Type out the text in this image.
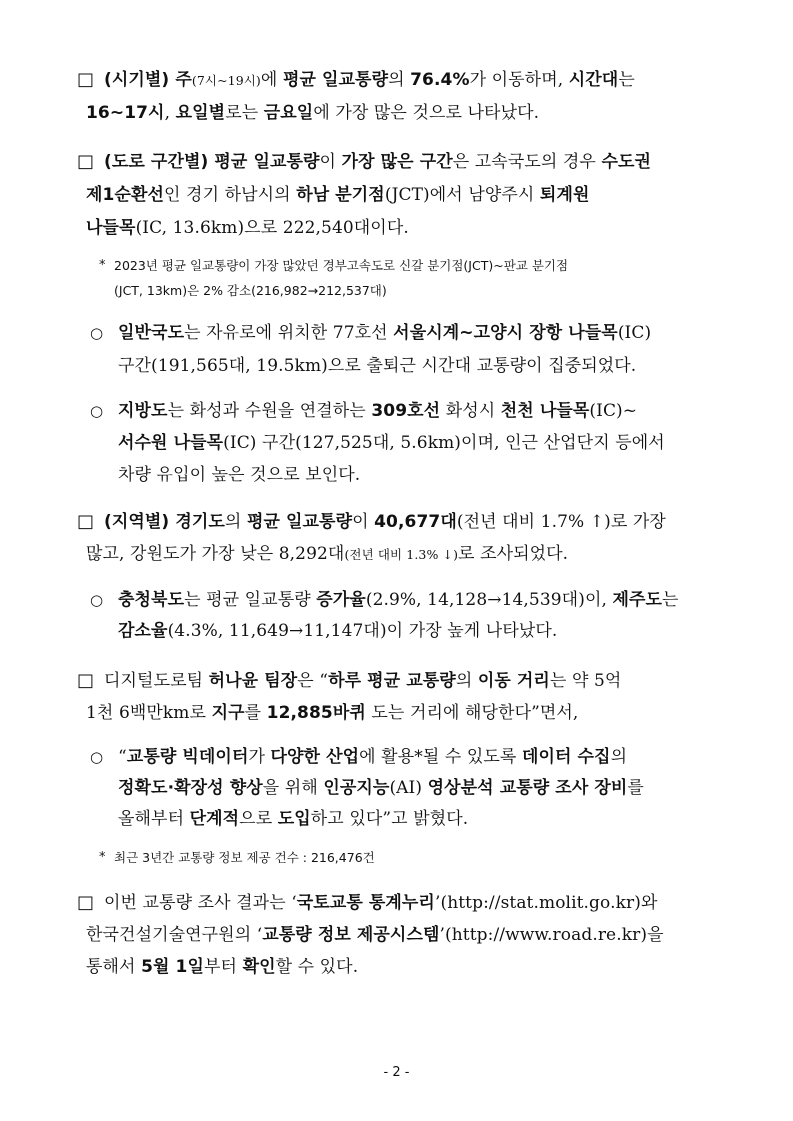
□ (시기별) 주(7시~19시)에 평균 일교통량의 76.4%가 이동하며, 시간대는
16~17시, 요일별로는 금요일에 가장 많은 것으로 나타났다.
□ (도로 구간별) 평균 일교통량이 가장 많은 구간은 고속국도의 경우 수도권
제1순환선인 경기 하남시의 하남 분기점(JCT)에서 남양주시 퇴계원
나들목(IC, 13.6km)으로 222,540대이다.
* 2023년 평균 일교통량이 가장 많았던 경부고속도로 신갈 분기점(JCT)~판교 분기점
(JCT, 13km)은 2% 감소(216,982→212,537대)
○ 일반국도는 자유로에 위치한 77호선 서울시계~고양시 장항 나들목(IC)
구간(191,565대, 19.5km)으로 출퇴근 시간대 교통량이 집중되었다.
○ 지방도는 화성과 수원을 연결하는 309호선 화성시 천천 나들목(IC)~
서수원 나들목(IC) 구간(127,525대, 5.6km)이며, 인근 산업단지 등에서
차량 유입이 높은 것으로 보인다.
□ (지역별) 경기도의 평균 일교통량이 40,677대(전년 대비 1.7% ↑)로 가장
많고, 강원도가 가장 낮은 8,292대(전년 대비 1.3% ↓)로 조사되었다.
○ 충청북도는 평균 일교통량 증가율(2.9%, 14,128→14,539대)이, 제주도는
감소율(4.3%, 11,649→11,147대)이 가장 높게 나타났다.
□ 디지털도로팀 허나윤 팀장은 “하루 평균 교통량의 이동 거리는 약 5억
1천 6백만km로 지구를 12,885바퀴 도는 거리에 해당한다”면서,
○ “교통량 빅데이터가 다양한 산업에 활용*될 수 있도록 데이터 수집의
정확도·확장성 향상을 위해 인공지능(AI) 영상분석 교통량 조사 장비를
올해부터 단계적으로 도입하고 있다”고 밝혔다.
* 최근 3년간 교통량 정보 제공 건수 : 216,476건
□ 이번 교통량 조사 결과는 ‘국토교통 통계누리’(http://stat.molit.go.kr)와
한국건설기술연구원의 ‘교통량 정보 제공시스템’(http://www.road.re.kr)을
통해서 5월 1일부터 확인할 수 있다.
- 2 -
